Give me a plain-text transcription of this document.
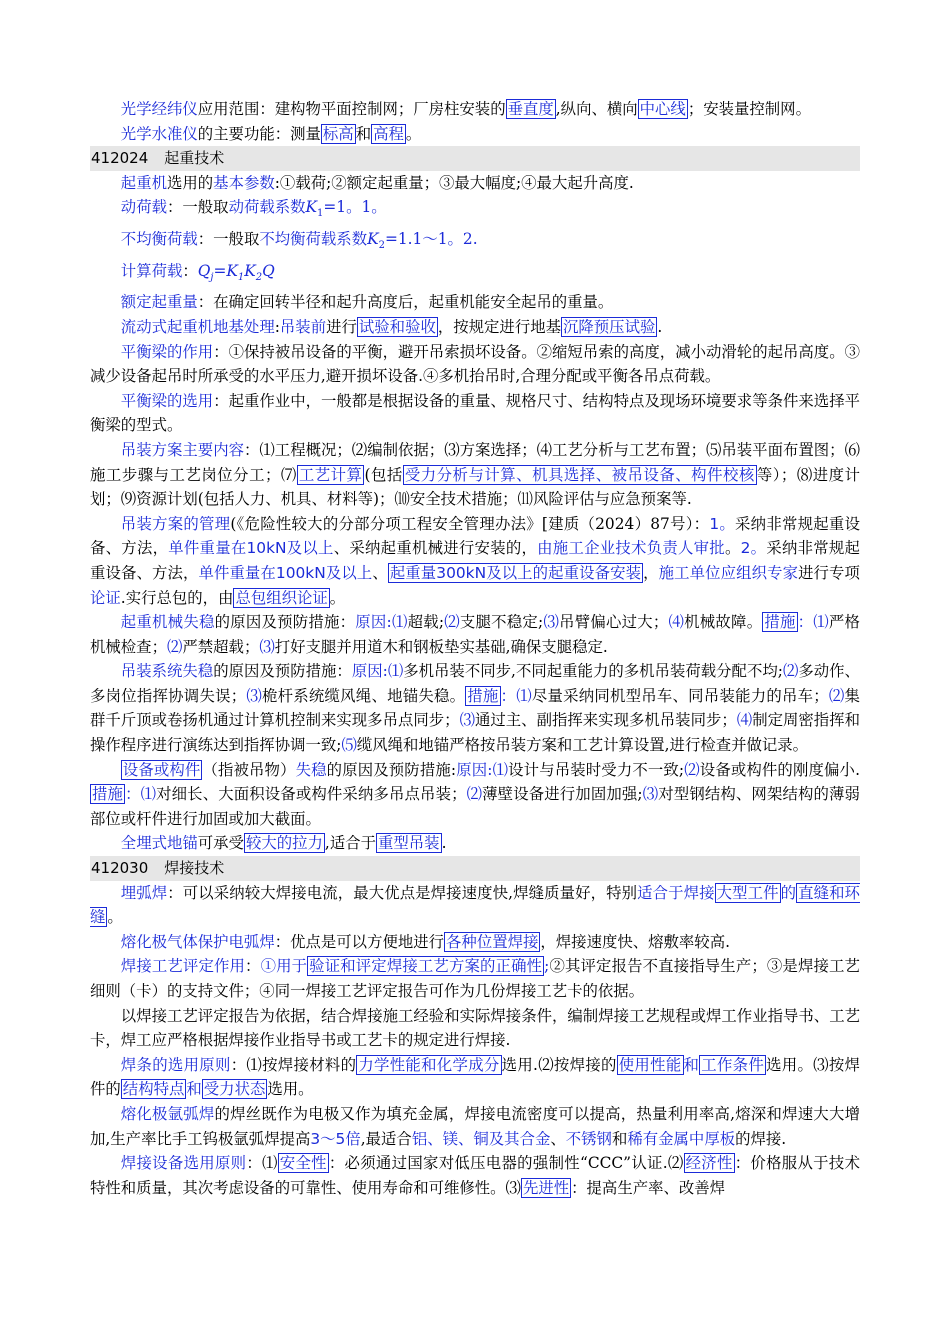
光学经纬仪应用范围：建构物平面控制网；厂房柱安装的 垂直度 ,纵向、横向 中心线 ；安装量控制网。

光学水准仪的主要功能：测量 标高 和 高程 。

412024 起重技术

起重机选用的基本参数:①载荷;②额定起重量；③最大幅度;④最大起升高度.

动荷载：一般取动荷载系数$K_1=1$。1。

不均衡荷载：一般取不均衡荷载系数$K_2=1.1\sim 1$。2.

计算荷载：$Q_j=K_1K_2Q$

额定起重量：在确定回转半径和起升高度后，起重机能安全起吊的重量。

流动式起重机地基处理:吊装前进行 试验和验收 ，按规定进行地基 沉降预压试验 .

平衡梁的作用：①保持被吊设备的平衡，避开吊索损坏设备。②缩短吊索的高度，减小动滑轮的起吊高度。③减少设备起吊时所承受的水平压力,避开损坏设备.④多机抬吊时,合理分配或平衡各吊点荷载。

平衡梁的选用：起重作业中，一般都是根据设备的重量、规格尺寸、结构特点及现场环境要求等条件来选择平衡梁的型式。

吊装方案主要内容：⑴工程概况；⑵编制依据；⑶方案选择；⑷工艺分析与工艺布置；⑸吊装平面布置图；⑹施工步骤与工艺岗位分工；⑺ 工艺计算 (包括 受力分析与计算、机具选择、被吊设备、构件校核 等）；⑻进度计划；⑼资源计划(包括人力、机具、材料等)；⑽安全技术措施；⑾风险评估与应急预案等.

吊装方案的管理(《危险性较大的分部分项工程安全管理办法》[建质（2024）87号）：1。采纳非常规起重设备、方法，单件重量在10kN及以上、采纳起重机械进行安装的，由施工企业技术负责人审批。2。采纳非常规起重设备、方法，单件重量在100kN及以上、 起重量300kN及以上的起重设备安装 ，施工单位应组织专家进行专项论证.实行总包的，由 总包组织论证 。

起重机械失稳的原因及预防措施：原因:⑴超载;⑵支腿不稳定;⑶吊臂偏心过大；⑷机械故障。 措施 ：⑴严格机械检查；⑵严禁超载；⑶打好支腿并用道木和钢板垫实基础,确保支腿稳定.

吊装系统失稳的原因及预防措施：原因:⑴多机吊装不同步,不同起重能力的多机吊装荷载分配不均;⑵多动作、多岗位指挥协调失误；⑶桅杆系统缆风绳、地锚失稳。 措施 ：⑴尽量采纳同机型吊车、同吊装能力的吊车；⑵集群千斤顶或卷扬机通过计算机控制来实现多吊点同步；⑶通过主、副指挥来实现多机吊装同步；⑷制定周密指挥和操作程序进行演练达到指挥协调一致;⑸缆风绳和地锚严格按吊装方案和工艺计算设置,进行检查并做记录。

设备或构件 （指被吊物）失稳的原因及预防措施:原因:⑴设计与吊装时受力不一致;⑵设备或构件的刚度偏小.措施 ：⑴对细长、大面积设备或构件采纳多吊点吊装；⑵薄壁设备进行加固加强;⑶对型钢结构、网架结构的薄弱部位或杆件进行加固或加大截面。

全埋式地锚可承受 较大的拉力 ,适合于 重型吊装 .

412030 焊接技术

埋弧焊：可以采纳较大焊接电流，最大优点是焊接速度快,焊缝质量好，特别适合于焊接 大型工件 的 直缝和环缝 。

熔化极气体保护电弧焊：优点是可以方便地进行 各种位置焊接 ，焊接速度快、熔敷率较高.

焊接工艺评定作用：①用于 验证和评定焊接工艺方案的正确性 ;②其评定报告不直接指导生产；③是焊接工艺细则（卡）的支持文件；④同一焊接工艺评定报告可作为几份焊接工艺卡的依据。

以焊接工艺评定报告为依据，结合焊接施工经验和实际焊接条件，编制焊接工艺规程或焊工作业指导书、工艺卡，焊工应严格根据焊接作业指导书或工艺卡的规定进行焊接.

焊条的选用原则：⑴按焊接材料的 力学性能和化学成分 选用.⑵按焊接的 使用性能 和 工作条件 选用。⑶按焊件的 结构特点 和 受力状态 选用。

熔化极氩弧焊的焊丝既作为电极又作为填充金属，焊接电流密度可以提高，热量利用率高,熔深和焊速大大增加,生产率比手工钨极氩弧焊提高3～5倍,最适合铝、镁、铜及其合金、不锈钢和稀有金属中厚板的焊接.

焊接设备选用原则：⑴ 安全性 ：必须通过国家对低压电器的强制性“CCC”认证.⑵ 经济性 ：价格服从于技术特性和质量，其次考虑设备的可靠性、使用寿命和可维修性。⑶ 先进性 ：提高生产率、改善焊
